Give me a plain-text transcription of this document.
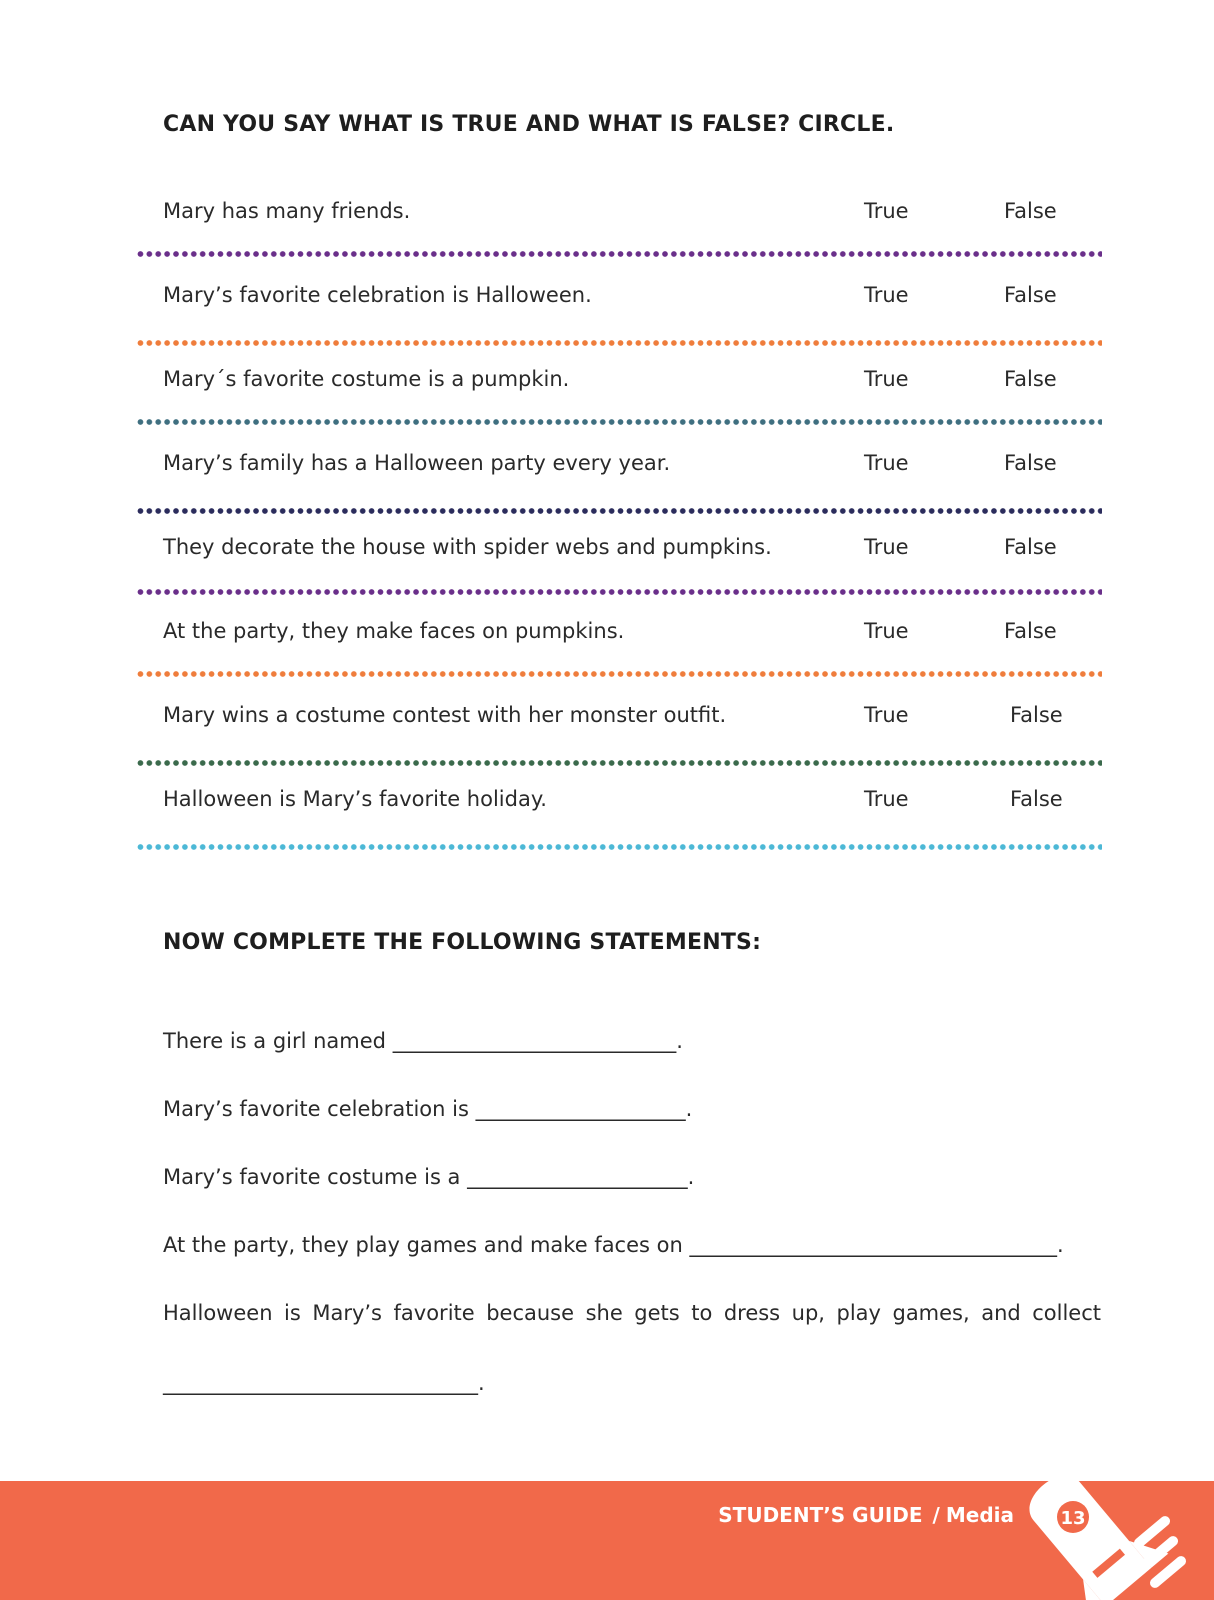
CAN YOU SAY WHAT IS TRUE AND WHAT IS FALSE? CIRCLE.
Mary has many friends.	True	False
Mary’s favorite celebration is Halloween.	True	False
Mary´s favorite costume is a pumpkin.	True	False
Mary’s family has a Halloween party every year.	True	False
They decorate the house with spider webs and pumpkins.	True	False
At the party, they make faces on pumpkins.	True	False
Mary wins a costume contest with her monster outfit.	True	False
Halloween is Mary’s favorite holiday.	True	False
NOW COMPLETE THE FOLLOWING STATEMENTS:
There is a girl named ___________________________.
Mary’s favorite celebration is ____________________.
Mary’s favorite costume is a _____________________.
At the party, they play games and make faces on ___________________________________.
Halloween is Mary’s favorite because she gets to dress up, play games, and collect
______________________________.
STUDENT’S GUIDE / Media	13
